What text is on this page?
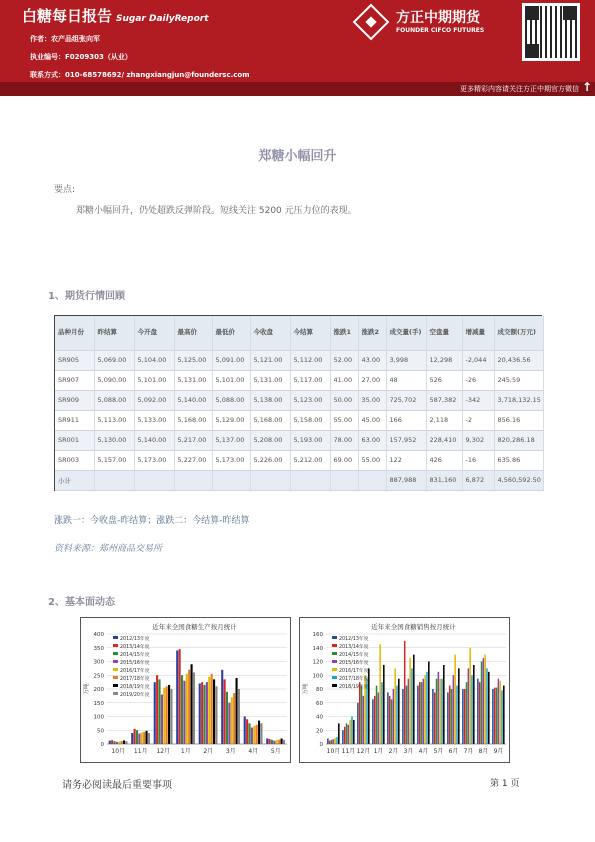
白糖每日报告 Sugar DailyReport
作者：农产品组张向军
执业编号：F0209303（从业）
联系方式：010-68578692/ zhangxiangjun@foundersc.com
方正中期期货
FOUNDER CIFCO FUTURES
更多精彩内容请关注方正中期官方微信 ↑
郑糖小幅回升
要点:
郑糖小幅回升，仍处超跌反弹阶段。短线关注 5200 元压力位的表现。
1、期货行情回顾
品种月份	昨结算	今开盘	最高价	最低价	今收盘	今结算	涨跌1	涨跌2	成交量(手)	空盘量	增减量	成交额(万元)
SR905	5,069.00	5,104.00	5,125.00	5,091.00	5,121.00	5,112.00	52.00	43.00	3,998	12,298	-2,044	20,436.56
SR907	5,090.00	5,101.00	5,131.00	5,101.00	5,131.00	5,117.00	41.00	27.00	48	526	-26	245.59
SR909	5,088.00	5,092.00	5,140.00	5,088.00	5,138.00	5,123.00	50.00	35.00	725,702	587,382	-342	3,718,132.15
SR911	5,113.00	5,133.00	5,168.00	5,129.00	5,168.00	5,158.00	55.00	45.00	166	2,118	-2	856.16
SR001	5,130.00	5,140.00	5,217.00	5,137.00	5,208.00	5,193.00	78.00	63.00	157,952	228,410	9,302	820,286.18
SR003	5,157.00	5,173.00	5,227.00	5,173.00	5,226.00	5,212.00	69.00	55.00	122	426	-16	635.86
小计									887,988	831,160	6,872	4,560,592.50
涨跌一：今收盘-昨结算；涨跌二：今结算-昨结算
资料来源：郑州商品交易所
2、基本面动态
近年来全国食糖生产按月统计
0
50
100
150
200
250
300
350
400
万吨
10月 11月 12月 1月 2月 3月 4月 5月
2012/13年度
2013/14年度
2014/15年度
2015/16年度
2016/17年度
2017/18年度
2018/19年度
2019/20年度
近年来全国食糖销售按月统计
0
20
40
60
80
100
120
140
160
万吨
10月 11月 12月 1月 2月 3月 4月 5月 6月 7月 8月 9月
2012/13年度
2013/14年度
2014/15年度
2015/16年度
2016/17年度
2017/18年度
2018/19年度
请务必阅读最后重要事项	第 1 页
